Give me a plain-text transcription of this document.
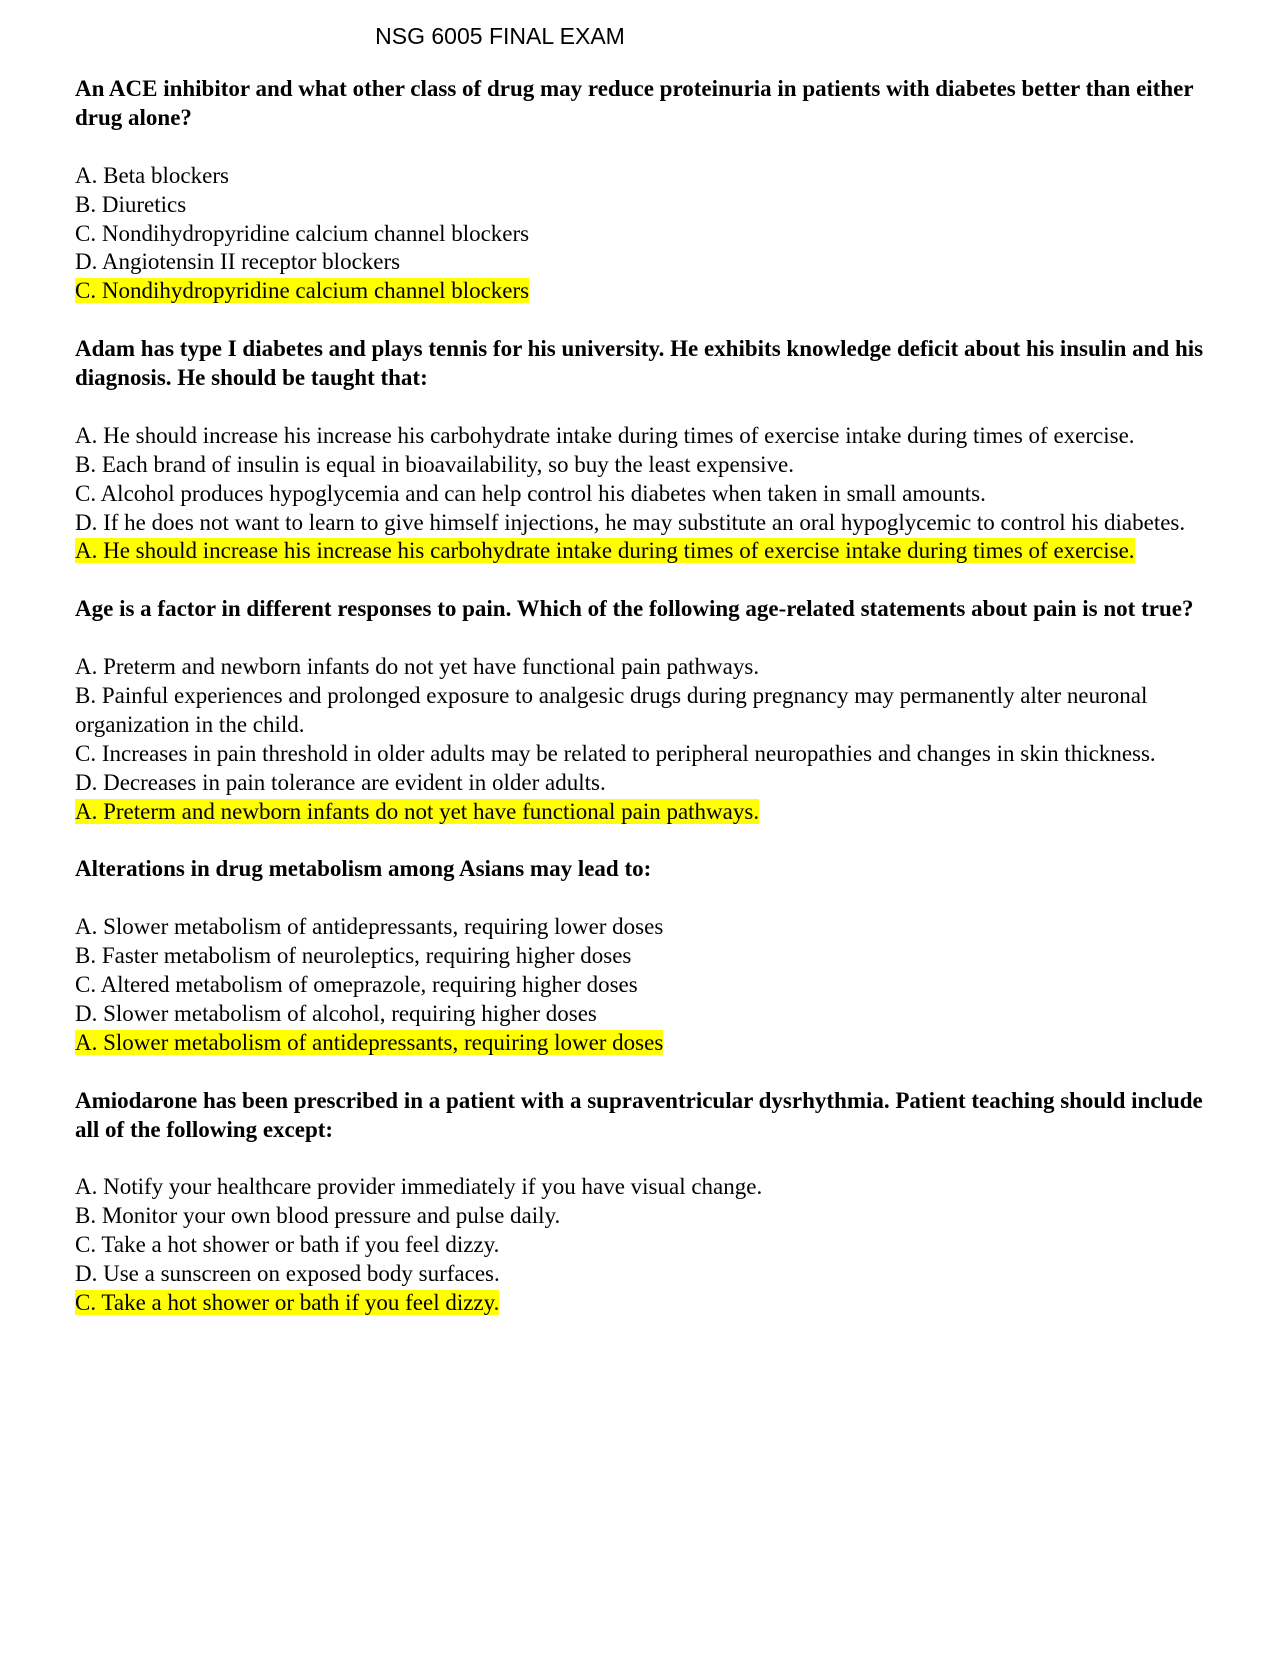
NSG 6005 FINAL EXAM

An ACE inhibitor and what other class of drug may reduce proteinuria in patients with diabetes better than either drug alone?

A. Beta blockers
B. Diuretics
C. Nondihydropyridine calcium channel blockers
D. Angiotensin II receptor blockers

C. Nondihydropyridine calcium channel blockers

Adam has type I diabetes and plays tennis for his university. He exhibits knowledge deficit about his insulin and his diagnosis. He should be taught that:

A. He should increase his increase his carbohydrate intake during times of exercise intake during times of exercise.
B. Each brand of insulin is equal in bioavailability, so buy the least expensive.
C. Alcohol produces hypoglycemia and can help control his diabetes when taken in small amounts.
D. If he does not want to learn to give himself injections, he may substitute an oral hypoglycemic to control his diabetes.

A. He should increase his increase his carbohydrate intake during times of exercise intake during times of exercise.

Age is a factor in different responses to pain. Which of the following age-related statements about pain is not true?

A. Preterm and newborn infants do not yet have functional pain pathways.
B. Painful experiences and prolonged exposure to analgesic drugs during pregnancy may permanently alter neuronal organization in the child.
C. Increases in pain threshold in older adults may be related to peripheral neuropathies and changes in skin thickness.
D. Decreases in pain tolerance are evident in older adults.

A. Preterm and newborn infants do not yet have functional pain pathways.

Alterations in drug metabolism among Asians may lead to:

A. Slower metabolism of antidepressants, requiring lower doses
B. Faster metabolism of neuroleptics, requiring higher doses
C. Altered metabolism of omeprazole, requiring higher doses
D. Slower metabolism of alcohol, requiring higher doses

A. Slower metabolism of antidepressants, requiring lower doses

Amiodarone has been prescribed in a patient with a supraventricular dysrhythmia. Patient teaching should include all of the following except:

A. Notify your healthcare provider immediately if you have visual change.
B. Monitor your own blood pressure and pulse daily.
C. Take a hot shower or bath if you feel dizzy.
D. Use a sunscreen on exposed body surfaces.

C. Take a hot shower or bath if you feel dizzy.
